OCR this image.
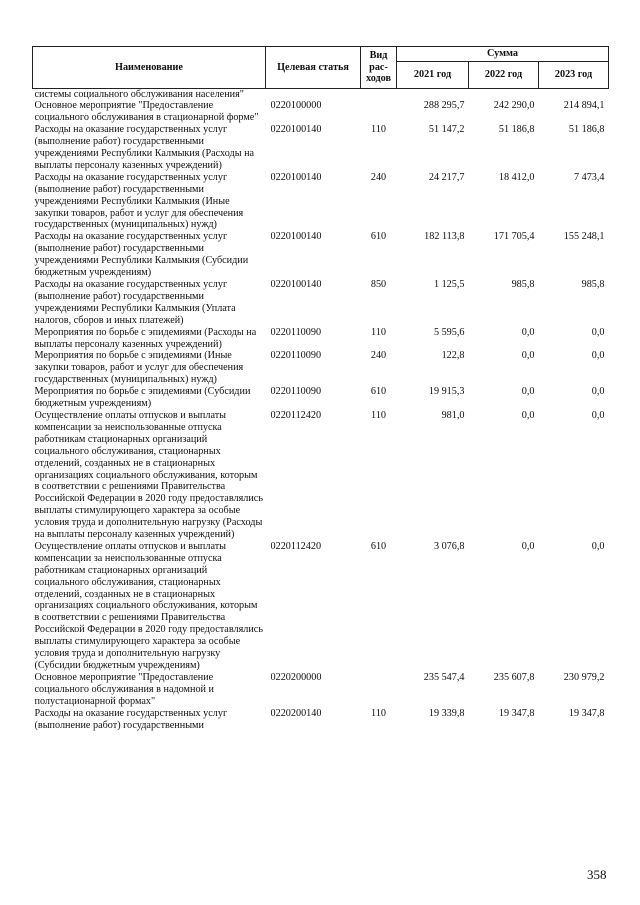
Наименование	Целевая статья	Вид рас-ходов	Сумма		
			2021 год	2022 год	2023 год
системы социального обслуживания населения"					
Основное мероприятие "Предоставление социального обслуживания в стационарной форме"	0220100000		288 295,7	242 290,0	214 894,1
Расходы на оказание государственных услуг (выполнение работ) государственными учреждениями Республики Калмыкия (Расходы на выплаты персоналу казенных учреждений)	0220100140	110	51 147,2	51 186,8	51 186,8
Расходы на оказание государственных услуг (выполнение работ) государственными учреждениями Республики Калмыкия (Иные закупки товаров, работ и услуг для обеспечения государственных (муниципальных) нужд)	0220100140	240	24 217,7	18 412,0	7 473,4
Расходы на оказание государственных услуг (выполнение работ) государственными учреждениями Республики Калмыкия (Субсидии бюджетным учреждениям)	0220100140	610	182 113,8	171 705,4	155 248,1
Расходы на оказание государственных услуг (выполнение работ) государственными учреждениями Республики Калмыкия (Уплата налогов, сборов и иных платежей)	0220100140	850	1 125,5	985,8	985,8
Мероприятия по борьбе с эпидемиями (Расходы на выплаты персоналу казенных учреждений)	0220110090	110	5 595,6	0,0	0,0
Мероприятия по борьбе с эпидемиями (Иные закупки товаров, работ и услуг для обеспечения государственных (муниципальных) нужд)	0220110090	240	122,8	0,0	0,0
Мероприятия по борьбе с эпидемиями (Субсидии бюджетным учреждениям)	0220110090	610	19 915,3	0,0	0,0
Осуществление оплаты отпусков и выплаты компенсации за неиспользованные отпуска работникам стационарных организаций социального обслуживания, стационарных отделений, созданных не в стационарных организациях социального обслуживания, которым в соответствии с решениями Правительства Российской Федерации в 2020 году предоставлялись выплаты стимулирующего характера за особые условия труда и дополнительную нагрузку (Расходы на выплаты персоналу казенных учреждений)	0220112420	110	981,0	0,0	0,0
Осуществление оплаты отпусков и выплаты компенсации за неиспользованные отпуска работникам стационарных организаций социального обслуживания, стационарных отделений, созданных не в стационарных организациях социального обслуживания, которым в соответствии с решениями Правительства Российской Федерации в 2020 году предоставлялись выплаты стимулирующего характера за особые условия труда и дополнительную нагрузку (Субсидии бюджетным учреждениям)	0220112420	610	3 076,8	0,0	0,0
Основное мероприятие "Предоставление социального обслуживания в надомной и полустационарной формах"	0220200000		235 547,4	235 607,8	230 979,2
Расходы на оказание государственных услуг (выполнение работ) государственными	0220200140	110	19 339,8	19 347,8	19 347,8
358
